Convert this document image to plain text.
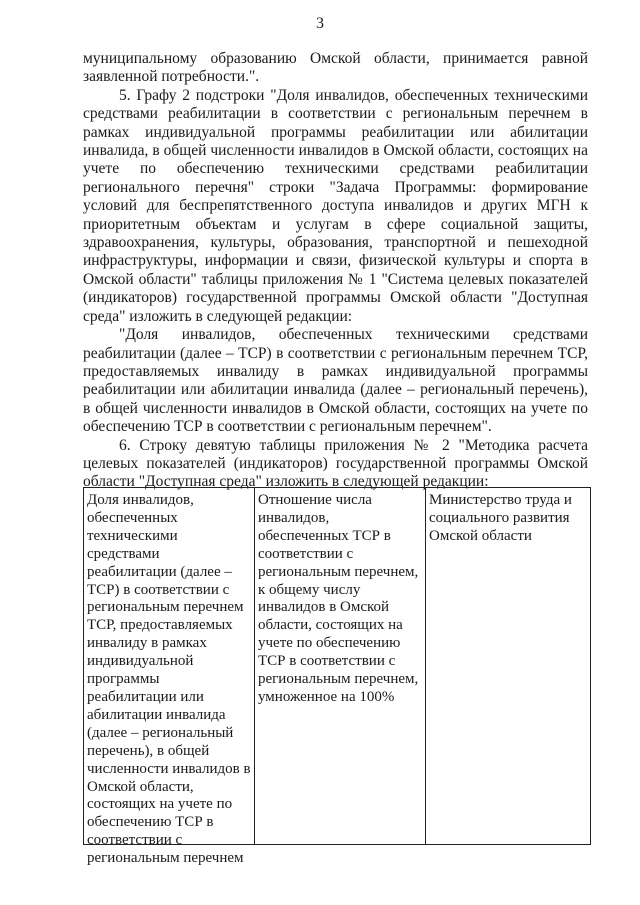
3

муниципальному образованию Омской области, принимается равной заявленной потребности.".

5. Графу 2 подстроки "Доля инвалидов, обеспеченных техническими средствами реабилитации в соответствии с региональным перечнем в рамках индивидуальной программы реабилитации или абилитации инвалида, в общей численности инвалидов в Омской области, состоящих на учете по обеспечению техническими средствами реабилитации регионального перечня" строки "Задача Программы: формирование условий для беспрепятственного доступа инвалидов и других МГН к приоритетным объектам и услугам в сфере социальной защиты, здравоохранения, культуры, образования, транспортной и пешеходной инфраструктуры, информации и связи, физической культуры и спорта в Омской области" таблицы приложения № 1 "Система целевых показателей (индикаторов) государственной программы Омской области "Доступная среда" изложить в следующей редакции:

"Доля инвалидов, обеспеченных техническими средствами реабилитации (далее – ТСР) в соответствии с региональным перечнем ТСР, предоставляемых инвалиду в рамках индивидуальной программы реабилитации или абилитации инвалида (далее – региональный перечень), в общей численности инвалидов в Омской области, состоящих на учете по обеспечению ТСР в соответствии с региональным перечнем".

6. Строку девятую таблицы приложения № 2 "Методика расчета целевых показателей (индикаторов) государственной программы Омской области "Доступная среда" изложить в следующей редакции:

Доля инвалидов, обеспеченных техническими средствами реабилитации (далее – ТСР) в соответствии с региональным перечнем ТСР, предоставляемых инвалиду в рамках индивидуальной программы реабилитации или абилитации инвалида (далее – региональный перечень), в общей численности инвалидов в Омской области, состоящих на учете по обеспечению ТСР в соответствии с региональным перечнем
Отношение числа инвалидов, обеспеченных ТСР в соответствии с региональным перечнем, к общему числу инвалидов в Омской области, состоящих на учете по обеспечению ТСР в соответствии с региональным перечнем, умноженное на 100%
Министерство труда и социального развития Омской области
